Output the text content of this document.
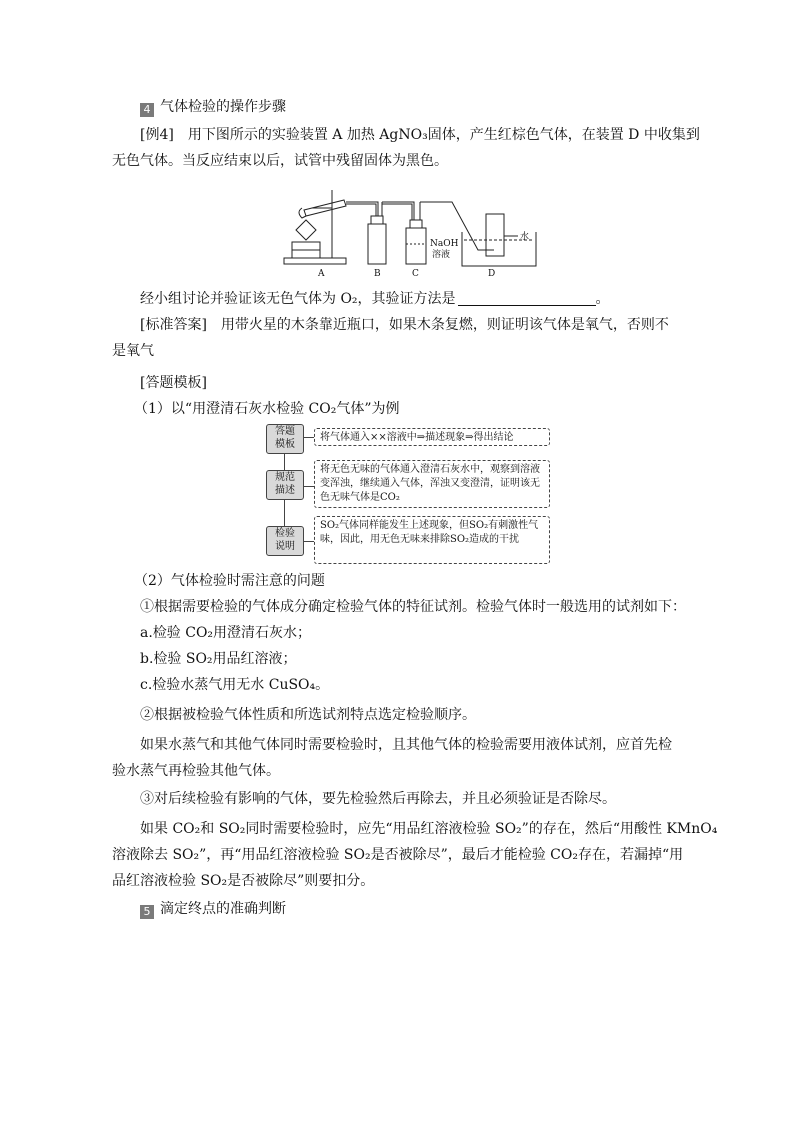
4 气体检验的操作步骤
[例4]　用下图所示的实验装置 A 加热 AgNO₃固体，产生红棕色气体，在装置 D 中收集到
无色气体。当反应结束以后，试管中残留固体为黑色。
A	B	C	D
NaOH
溶液
水
经小组讨论并验证该无色气体为 O₂，其验证方法是	。
[标准答案]　用带火星的木条靠近瓶口，如果木条复燃，则证明该气体是氧气，否则不
是氧气
[答题模板]
（1）以“用澄清石灰水检验 CO₂气体”为例
答题
模板
将气体通入××溶液中⇒描述现象⇒得出结论
规范
描述
将无色无味的气体通入澄清石灰水中，观察到溶液变浑浊，继续通入气体，浑浊又变澄清，证明该无色无味气体是CO₂
检验
说明
SO₂气体同样能发生上述现象，但SO₂有刺激性气味，因此，用无色无味来排除SO₂造成的干扰
（2）气体检验时需注意的问题
①根据需要检验的气体成分确定检验气体的特征试剂。检验气体时一般选用的试剂如下：
a.检验 CO₂用澄清石灰水；
b.检验 SO₂用品红溶液；
c.检验水蒸气用无水 CuSO₄。
②根据被检验气体性质和所选试剂特点选定检验顺序。
如果水蒸气和其他气体同时需要检验时，且其他气体的检验需要用液体试剂，应首先检
验水蒸气再检验其他气体。
③对后续检验有影响的气体，要先检验然后再除去，并且必须验证是否除尽。
如果 CO₂和 SO₂同时需要检验时，应先“用品红溶液检验 SO₂”的存在，然后“用酸性 KMnO₄
溶液除去 SO₂”，再“用品红溶液检验 SO₂是否被除尽”，最后才能检验 CO₂存在，若漏掉“用
品红溶液检验 SO₂是否被除尽”则要扣分。
5 滴定终点的准确判断
